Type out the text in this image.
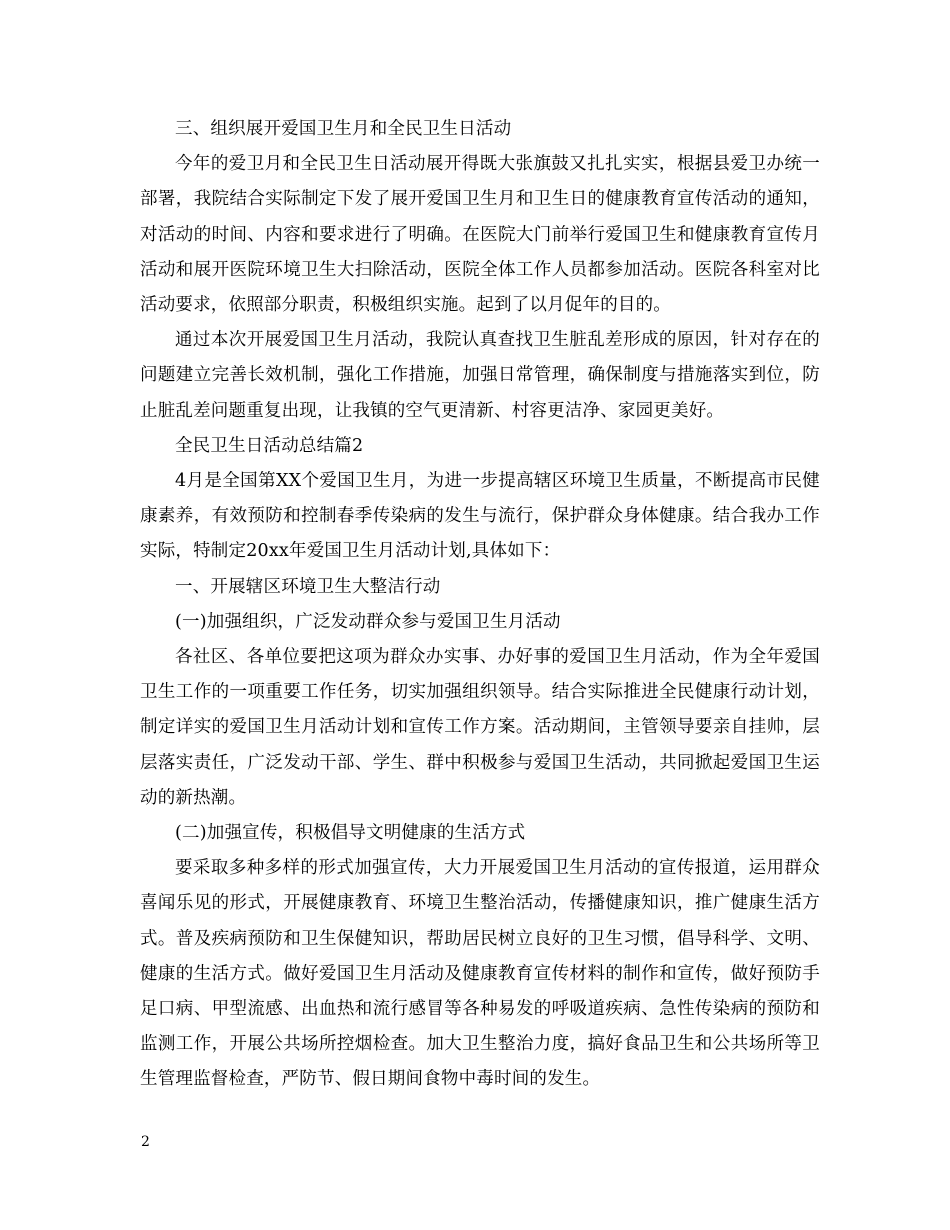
三、组织展开爱国卫生月和全民卫生日活动

今年的爱卫月和全民卫生日活动展开得既大张旗鼓又扎扎实实，根据县爱卫办统一部署，我院结合实际制定下发了展开爱国卫生月和卫生日的健康教育宣传活动的通知，对活动的时间、内容和要求进行了明确。在医院大门前举行爱国卫生和健康教育宣传月活动和展开医院环境卫生大扫除活动，医院全体工作人员都参加活动。医院各科室对比活动要求，依照部分职责，积极组织实施。起到了以月促年的目的。

通过本次开展爱国卫生月活动，我院认真查找卫生脏乱差形成的原因，针对存在的问题建立完善长效机制，强化工作措施，加强日常管理，确保制度与措施落实到位，防止脏乱差问题重复出现，让我镇的空气更清新、村容更洁净、家园更美好。

全民卫生日活动总结篇2

4月是全国第XX个爱国卫生月，为进一步提高辖区环境卫生质量，不断提高市民健康素养，有效预防和控制春季传染病的发生与流行，保护群众身体健康。结合我办工作实际，特制定20xx年爱国卫生月活动计划,具体如下：

一、开展辖区环境卫生大整洁行动

(一)加强组织，广泛发动群众参与爱国卫生月活动

各社区、各单位要把这项为群众办实事、办好事的爱国卫生月活动，作为全年爱国卫生工作的一项重要工作任务，切实加强组织领导。结合实际推进全民健康行动计划，制定详实的爱国卫生月活动计划和宣传工作方案。活动期间，主管领导要亲自挂帅，层层落实责任，广泛发动干部、学生、群中积极参与爱国卫生活动，共同掀起爱国卫生运动的新热潮。

(二)加强宣传，积极倡导文明健康的生活方式

要采取多种多样的形式加强宣传，大力开展爱国卫生月活动的宣传报道，运用群众喜闻乐见的形式，开展健康教育、环境卫生整治活动，传播健康知识，推广健康生活方式。普及疾病预防和卫生保健知识，帮助居民树立良好的卫生习惯，倡导科学、文明、健康的生活方式。做好爱国卫生月活动及健康教育宣传材料的制作和宣传，做好预防手足口病、甲型流感、出血热和流行感冒等各种易发的呼吸道疾病、急性传染病的预防和监测工作，开展公共场所控烟检查。加大卫生整治力度，搞好食品卫生和公共场所等卫生管理监督检查，严防节、假日期间食物中毒时间的发生。

2
